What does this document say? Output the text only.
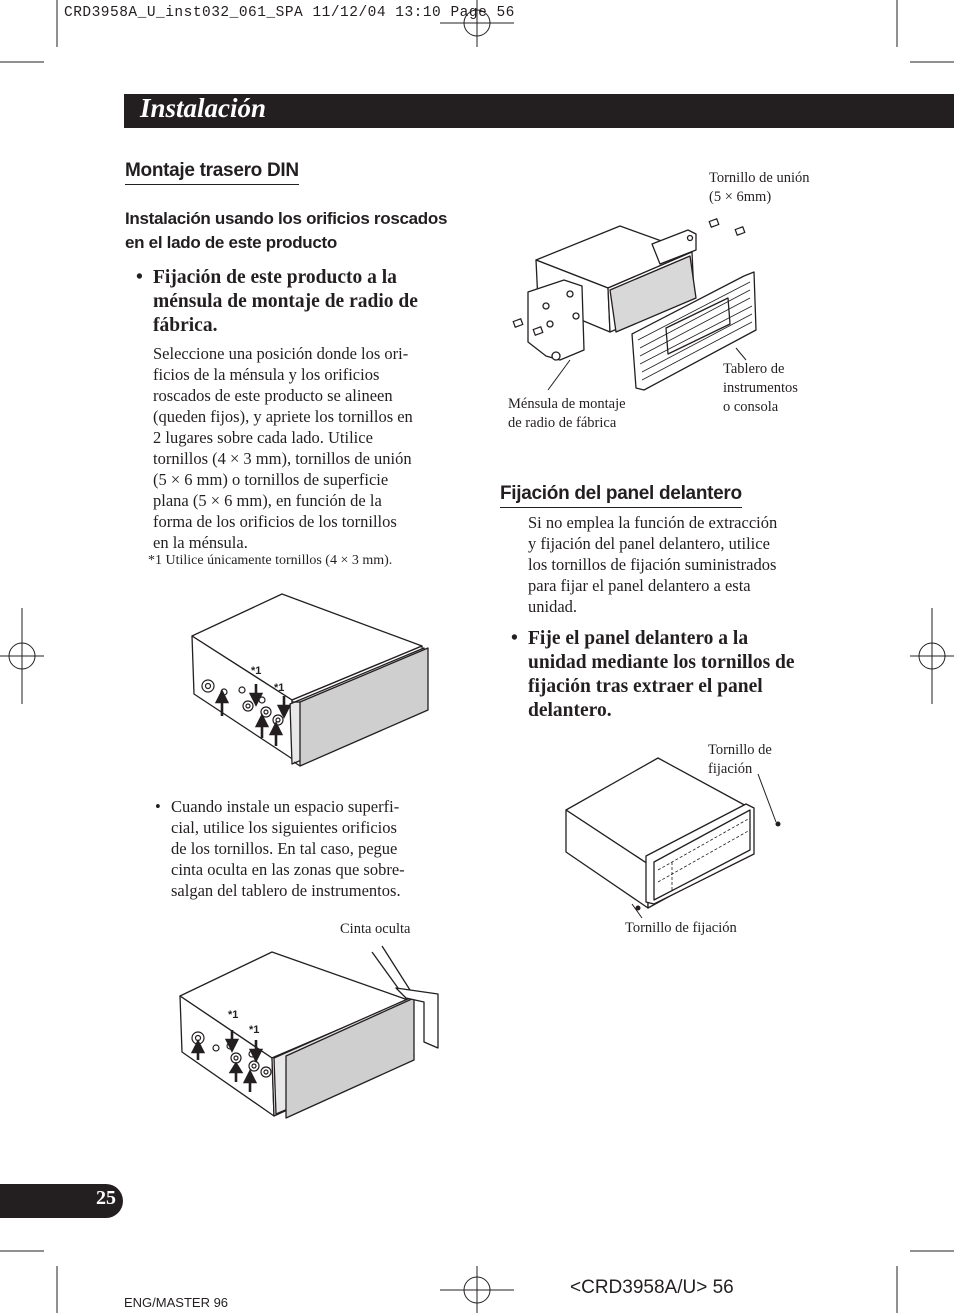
CRD3958A_U_inst032_061_SPA 11/12/04 13:10 Page 56
Instalación
Montaje trasero DIN
Instalación usando los orificios roscados
en el lado de este producto
• Fijación de este producto a la
ménsula de montaje de radio de
fábrica.
Seleccione una posición donde los ori-
ficios de la ménsula y los orificios
roscados de este producto se alineen
(queden fijos), y apriete los tornillos en
2 lugares sobre cada lado. Utilice
tornillos (4 × 3 mm), tornillos de unión
(5 × 6 mm) o tornillos de superficie
plana (5 × 6 mm), en función de la
forma de los orificios de los tornillos
en la ménsula.
*1 Utilice únicamente tornillos (4 × 3 mm).
*1
*1
• Cuando instale un espacio superfi-
cial, utilice los siguientes orificios
de los tornillos. En tal caso, pegue
cinta oculta en las zonas que sobre-
salgan del tablero de instrumentos.
Cinta oculta
*1
*1
Tornillo de unión
(5 × 6mm)
Tablero de
instrumentos
o consola
Ménsula de montaje
de radio de fábrica
Fijación del panel delantero
Si no emplea la función de extracción
y fijación del panel delantero, utilice
los tornillos de fijación suministrados
para fijar el panel delantero a esta
unidad.
• Fije el panel delantero a la
unidad mediante los tornillos de
fijación tras extraer el panel
delantero.
Tornillo de
fijación
Tornillo de fijación
25
ENG/MASTER 96
<CRD3958A/U> 56
